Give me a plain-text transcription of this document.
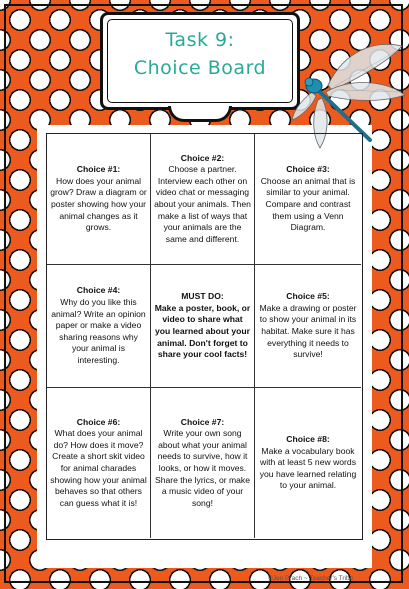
Task 9:
Choice Board
Choice #1:
How does your animal grow? Draw a diagram or poster showing how your animal changes as it grows.
Choice #2:
Choose a partner. Interview each other on video chat or messaging about your animals. Then make a list of ways that your animals are the same and different.
Choice #3:
Choose an animal that is similar to your animal. Compare and contrast them using a Venn Diagram.
Choice #4:
Why do you like this animal? Write an opinion paper or make a video sharing reasons why your animal is interesting.
MUST DO:
Make a poster, book, or video to share what you learned about your animal. Don't forget to share your cool facts!
Choice #5:
Make a drawing or poster to show your animal in its habitat. Make sure it has everything it needs to survive!
Choice #6:
What does your animal do? How does it move? Create a short skit video for animal charades showing how your animal behaves so that others can guess what it is!
Choice #7:
Write your own song about what your animal needs to survive, how it looks, or how it moves. Share the lyrics, or make a music video of your song!
Choice #8:
Make a vocabulary book with at least 5 new words you have learned relating to your animal.
©Jen Prach ~ Teacher's Tribe
